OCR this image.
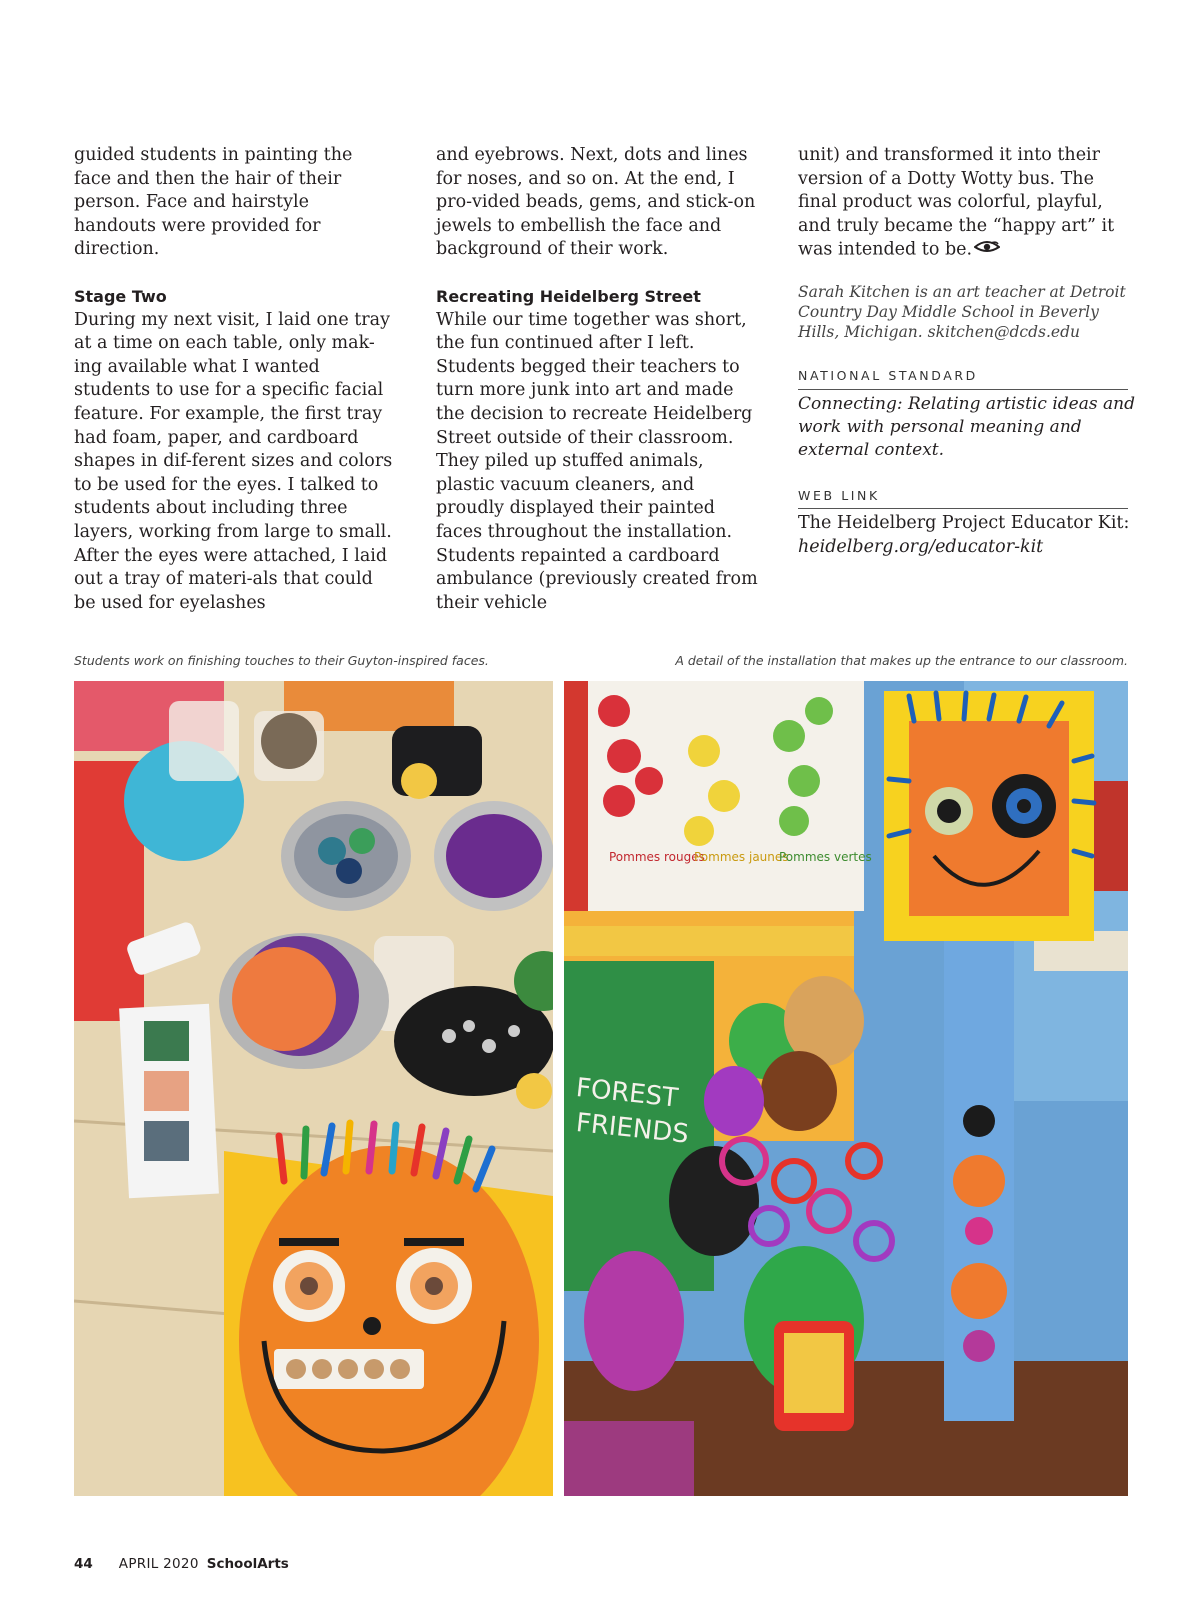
guided students in painting the face and then the hair of their person. Face and hairstyle handouts were provided for direction.

Stage Two

During my next visit, I laid one tray at a time on each table, only mak-ing available what I wanted students to use for a specific facial feature. For example, the first tray had foam, paper, and cardboard shapes in dif-ferent sizes and colors to be used for the eyes. I talked to students about including three layers, working from large to small. After the eyes were attached, I laid out a tray of materi-als that could be used for eyelashes

and eyebrows. Next, dots and lines for noses, and so on. At the end, I pro-vided beads, gems, and stick-on jewels to embellish the face and background of their work.

Recreating Heidelberg Street

While our time together was short, the fun continued after I left. Students begged their teachers to turn more junk into art and made the decision to recreate Heidelberg Street outside of their classroom. They piled up stuffed animals, plastic vacuum cleaners, and proudly displayed their painted faces throughout the installation. Students repainted a cardboard ambulance (previously created from their vehicle

unit) and transformed it into their version of a Dotty Wotty bus. The final product was colorful, playful, and truly became the “happy art” it was intended to be.

Sarah Kitchen is an art teacher at Detroit Country Day Middle School in Beverly Hills, Michigan. skitchen@dcds.edu

NATIONAL STANDARD

Connecting: Relating artistic ideas and work with personal meaning and external context.

WEB LINK

The Heidelberg Project Educator Kit:

heidelberg.org/educator-kit

Students work on finishing touches to their Guyton-inspired faces.	A detail of the installation that makes up the entrance to our classroom.
Pommes rouges
Pommes jaunes
Pommes vertes
FOREST
FRIENDS
44 APRIL 2020 SchoolArts
